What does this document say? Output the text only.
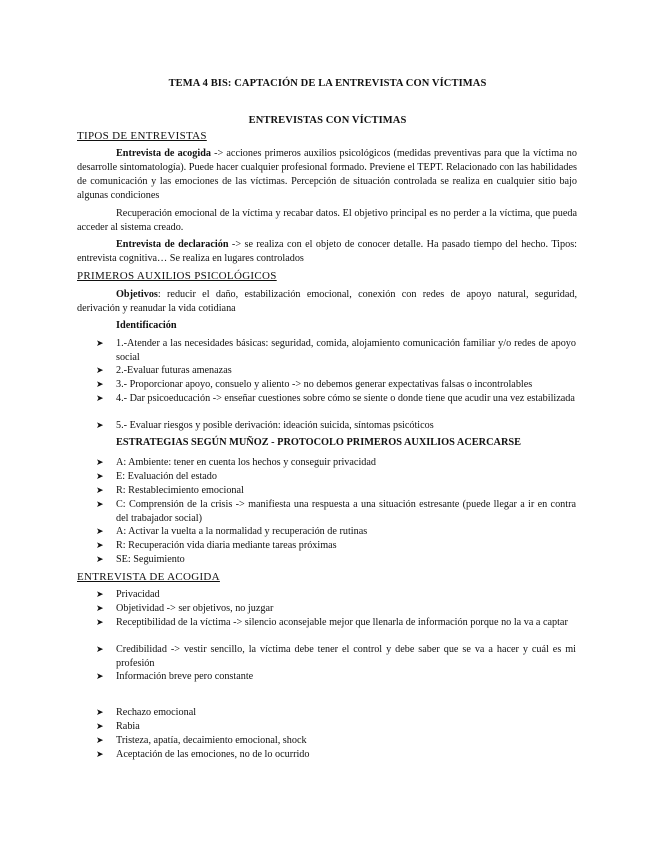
TEMA 4 BIS: CAPTACIÓN DE LA ENTREVISTA CON VÍCTIMAS
ENTREVISTAS CON VÍCTIMAS
TIPOS DE ENTREVISTAS
Entrevista de acogida -> acciones primeros auxilios psicológicos (medidas preventivas para que la víctima no desarrolle sintomatología). Puede hacer cualquier profesional formado. Previene el TEPT. Relacionado con las habilidades de comunicación y las emociones de las víctimas. Percepción de situación controlada se realiza en cualquier sitio bajo algunas condiciones
Recuperación emocional de la víctima y recabar datos. El objetivo principal es no perder a la víctima, que pueda acceder al sistema creado.
Entrevista de declaración -> se realiza con el objeto de conocer detalle. Ha pasado tiempo del hecho. Tipos: entrevista cognitiva… Se realiza en lugares controlados
PRIMEROS AUXILIOS PSICOLÓGICOS
Objetivos: reducir el daño, estabilización emocional, conexión con redes de apoyo natural, seguridad, derivación y reanudar la vida cotidiana
Identificación
➤	1.-Atender a las necesidades básicas: seguridad, comida, alojamiento comunicación familiar y/o redes de apoyo social
➤	2.-Evaluar futuras amenazas
➤	3.- Proporcionar apoyo, consuelo y aliento -> no debemos generar expectativas falsas o incontrolables
➤	4.- Dar psicoeducación -> enseñar cuestiones sobre cómo se siente o donde tiene que acudir una vez estabilizada
➤	5.- Evaluar riesgos y posible derivación: ideación suicida, síntomas psicóticos
ESTRATEGIAS SEGÚN MUÑOZ - PROTOCOLO PRIMEROS AUXILIOS ACERCARSE
➤	A: Ambiente: tener en cuenta los hechos y conseguir privacidad
➤	E: Evaluación del estado
➤	R: Restablecimiento emocional
➤	C: Comprensión de la crisis -> manifiesta una respuesta a una situación estresante (puede llegar a ir en contra del trabajador social)
➤	A: Activar la vuelta a la normalidad y recuperación de rutinas
➤	R: Recuperación vida diaria mediante tareas próximas
➤	SE: Seguimiento
ENTREVISTA DE ACOGIDA
➤	Privacidad
➤	Objetividad -> ser objetivos, no juzgar
➤	Receptibilidad de la víctima -> silencio aconsejable mejor que llenarla de información porque no la va a captar
➤	Credibilidad -> vestir sencillo, la víctima debe tener el control y debe saber que se va a hacer y cuál es mi profesión
➤	Información breve pero constante
➤	Rechazo emocional
➤	Rabia
➤	Tristeza, apatía, decaimiento emocional, shock
➤	Aceptación de las emociones, no de lo ocurrido
